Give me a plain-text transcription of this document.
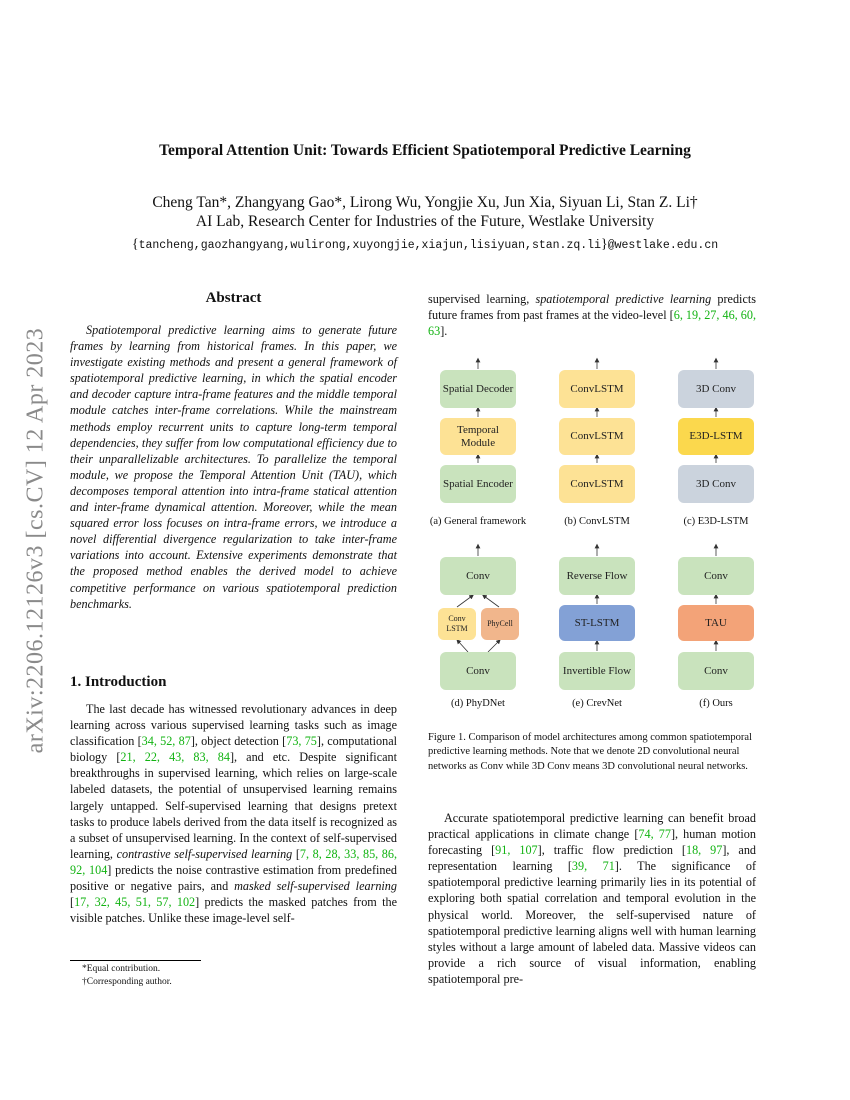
arXiv:2206.12126v3 [cs.CV] 12 Apr 2023
Temporal Attention Unit: Towards Efficient Spatiotemporal Predictive Learning
Cheng Tan*, Zhangyang Gao*, Lirong Wu, Yongjie Xu, Jun Xia, Siyuan Li, Stan Z. Li†
AI Lab, Research Center for Industries of the Future, Westlake University
{tancheng,gaozhangyang,wulirong,xuyongjie,xiajun,lisiyuan,stan.zq.li}@westlake.edu.cn
Abstract

Spatiotemporal predictive learning aims to generate future frames by learning from historical frames. In this paper, we investigate existing methods and present a general framework of spatiotemporal predictive learning, in which the spatial encoder and decoder capture intra-frame features and the middle temporal module catches inter-frame correlations. While the mainstream methods employ recurrent units to capture long-term temporal dependencies, they suffer from low computational efficiency due to their unparallelizable architectures. To parallelize the temporal module, we propose the Temporal Attention Unit (TAU), which decomposes temporal attention into intra-frame statical attention and inter-frame dynamical attention. Moreover, while the mean squared error loss focuses on intra-frame errors, we introduce a novel differential divergence regularization to take inter-frame variations into account. Extensive experiments demonstrate that the proposed method enables the derived model to achieve competitive performance on various spatiotemporal prediction benchmarks.

1. Introduction

The last decade has witnessed revolutionary advances in deep learning across various supervised learning tasks such as image classification [34, 52, 87], object detection [73, 75], computational biology [21, 22, 43, 83, 84], and etc. Despite significant breakthroughs in supervised learning, which relies on large-scale labeled datasets, the potential of unsupervised learning remains largely untapped. Self-supervised learning that designs pretext tasks to produce labels derived from the data itself is recognized as a subset of unsupervised learning. In the context of self-supervised learning, contrastive self-supervised learning [7, 8, 28, 33, 85, 86, 92, 104] predicts the noise contrastive estimation from predefined positive or negative pairs, and masked self-supervised learning [17, 32, 45, 51, 57, 102] predicts the masked patches from the visible patches. Unlike these image-level self-

*Equal contribution.
†Corresponding author.

supervised learning, spatiotemporal predictive learning predicts future frames from past frames at the video-level [6, 19, 27, 46, 60, 63].

Spatial Decoder
Temporal Module
Spatial Encoder
(a) General framework
ConvLSTM
ConvLSTM
ConvLSTM
(b) ConvLSTM
3D Conv
E3D-LSTM
3D Conv
(c) E3D-LSTM
Conv
Conv LSTM
PhyCell
Conv
(d) PhyDNet
Reverse Flow
ST-LSTM
Invertible Flow
(e) CrevNet
Conv
TAU
Conv
(f) Ours

Figure 1. Comparison of model architectures among common spatiotemporal predictive learning methods. Note that we denote 2D convolutional neural networks as Conv while 3D Conv means 3D convolutional neural networks.

Accurate spatiotemporal predictive learning can benefit broad practical applications in climate change [74, 77], human motion forecasting [91, 107], traffic flow prediction [18, 97], and representation learning [39, 71]. The significance of spatiotemporal predictive learning primarily lies in its potential of exploring both spatial correlation and temporal evolution in the physical world. Moreover, the self-supervised nature of spatiotemporal predictive learning aligns well with human learning styles without a large amount of labeled data. Massive videos can provide a rich source of visual information, enabling spatiotemporal pre-
